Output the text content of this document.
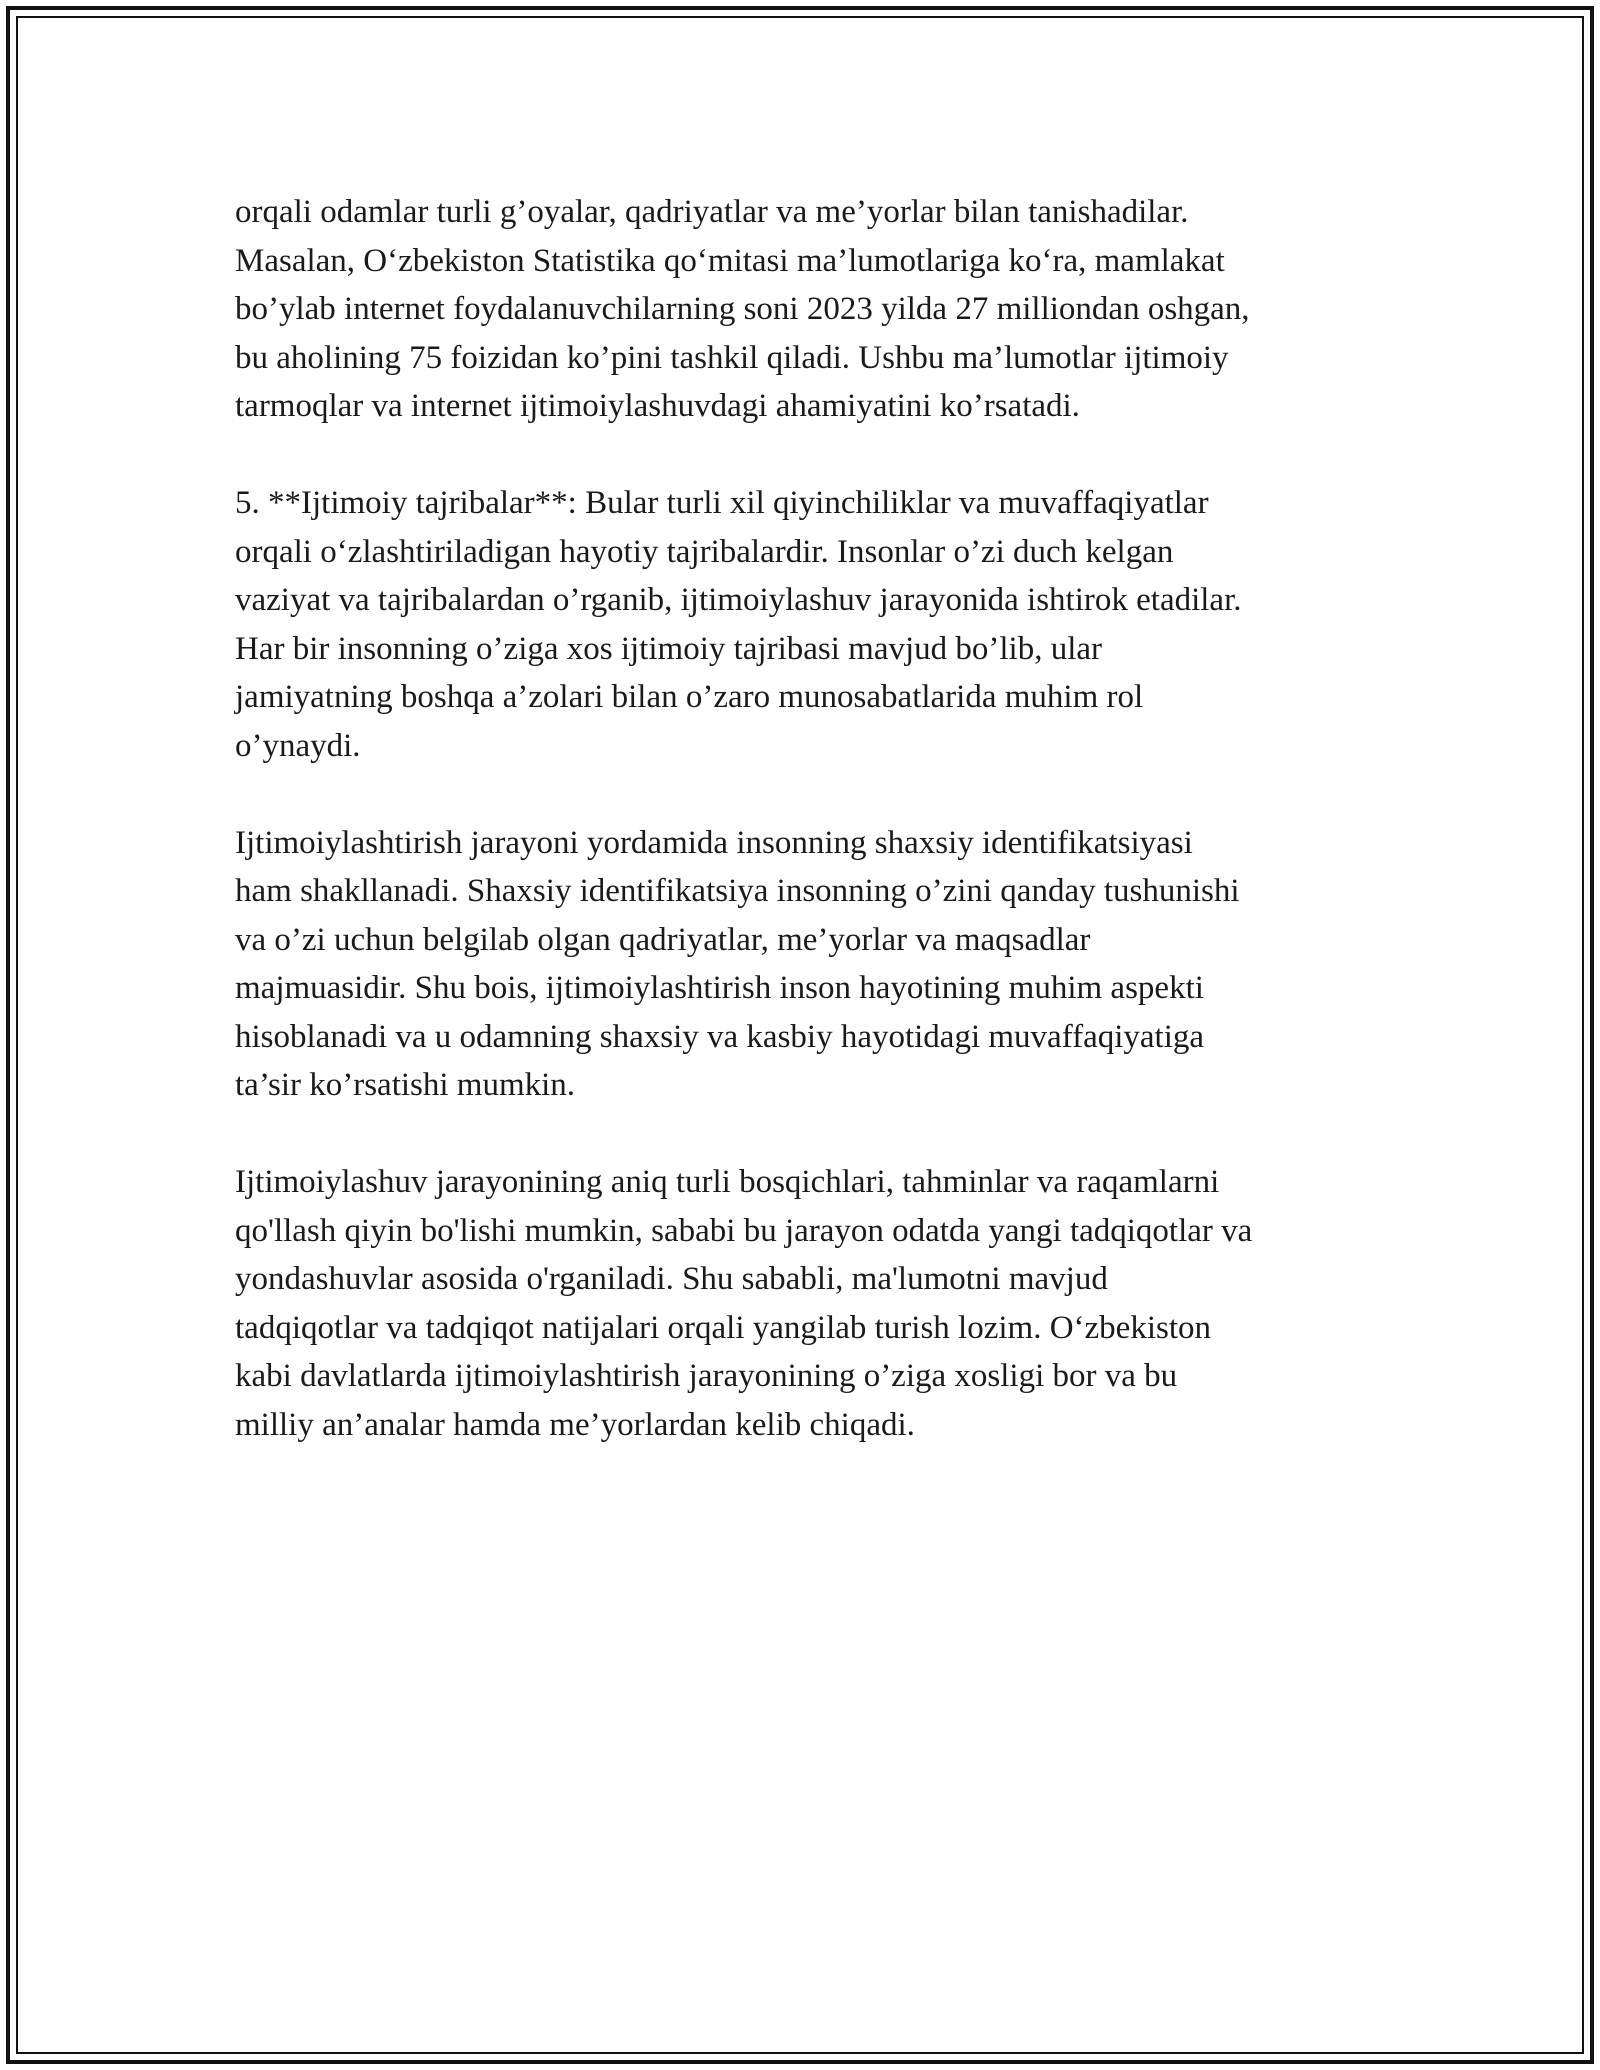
orqali odamlar turli g’oyalar, qadriyatlar va me’yorlar bilan tanishadilar.
Masalan, O‘zbekiston Statistika qo‘mitasi ma’lumotlariga ko‘ra, mamlakat
bo’ylab internet foydalanuvchilarning soni 2023 yilda 27 milliondan oshgan,
bu aholining 75 foizidan ko’pini tashkil qiladi. Ushbu ma’lumotlar ijtimoiy
tarmoqlar va internet ijtimoiylashuvdagi ahamiyatini ko’rsatadi.

5. **Ijtimoiy tajribalar**: Bular turli xil qiyinchiliklar va muvaffaqiyatlar
orqali o‘zlashtiriladigan hayotiy tajribalardir. Insonlar o’zi duch kelgan
vaziyat va tajribalardan o’rganib, ijtimoiylashuv jarayonida ishtirok etadilar.
Har bir insonning o’ziga xos ijtimoiy tajribasi mavjud bo’lib, ular
jamiyatning boshqa a’zolari bilan o’zaro munosabatlarida muhim rol
o’ynaydi.

Ijtimoiylashtirish jarayoni yordamida insonning shaxsiy identifikatsiyasi
ham shakllanadi. Shaxsiy identifikatsiya insonning o’zini qanday tushunishi
va o’zi uchun belgilab olgan qadriyatlar, me’yorlar va maqsadlar
majmuasidir. Shu bois, ijtimoiylashtirish inson hayotining muhim aspekti
hisoblanadi va u odamning shaxsiy va kasbiy hayotidagi muvaffaqiyatiga
ta’sir ko’rsatishi mumkin.

Ijtimoiylashuv jarayonining aniq turli bosqichlari, tahminlar va raqamlarni
qo'llash qiyin bo'lishi mumkin, sababi bu jarayon odatda yangi tadqiqotlar va
yondashuvlar asosida o'rganiladi. Shu sababli, ma'lumotni mavjud
tadqiqotlar va tadqiqot natijalari orqali yangilab turish lozim. O‘zbekiston
kabi davlatlarda ijtimoiylashtirish jarayonining o’ziga xosligi bor va bu
milliy an’analar hamda me’yorlardan kelib chiqadi.
